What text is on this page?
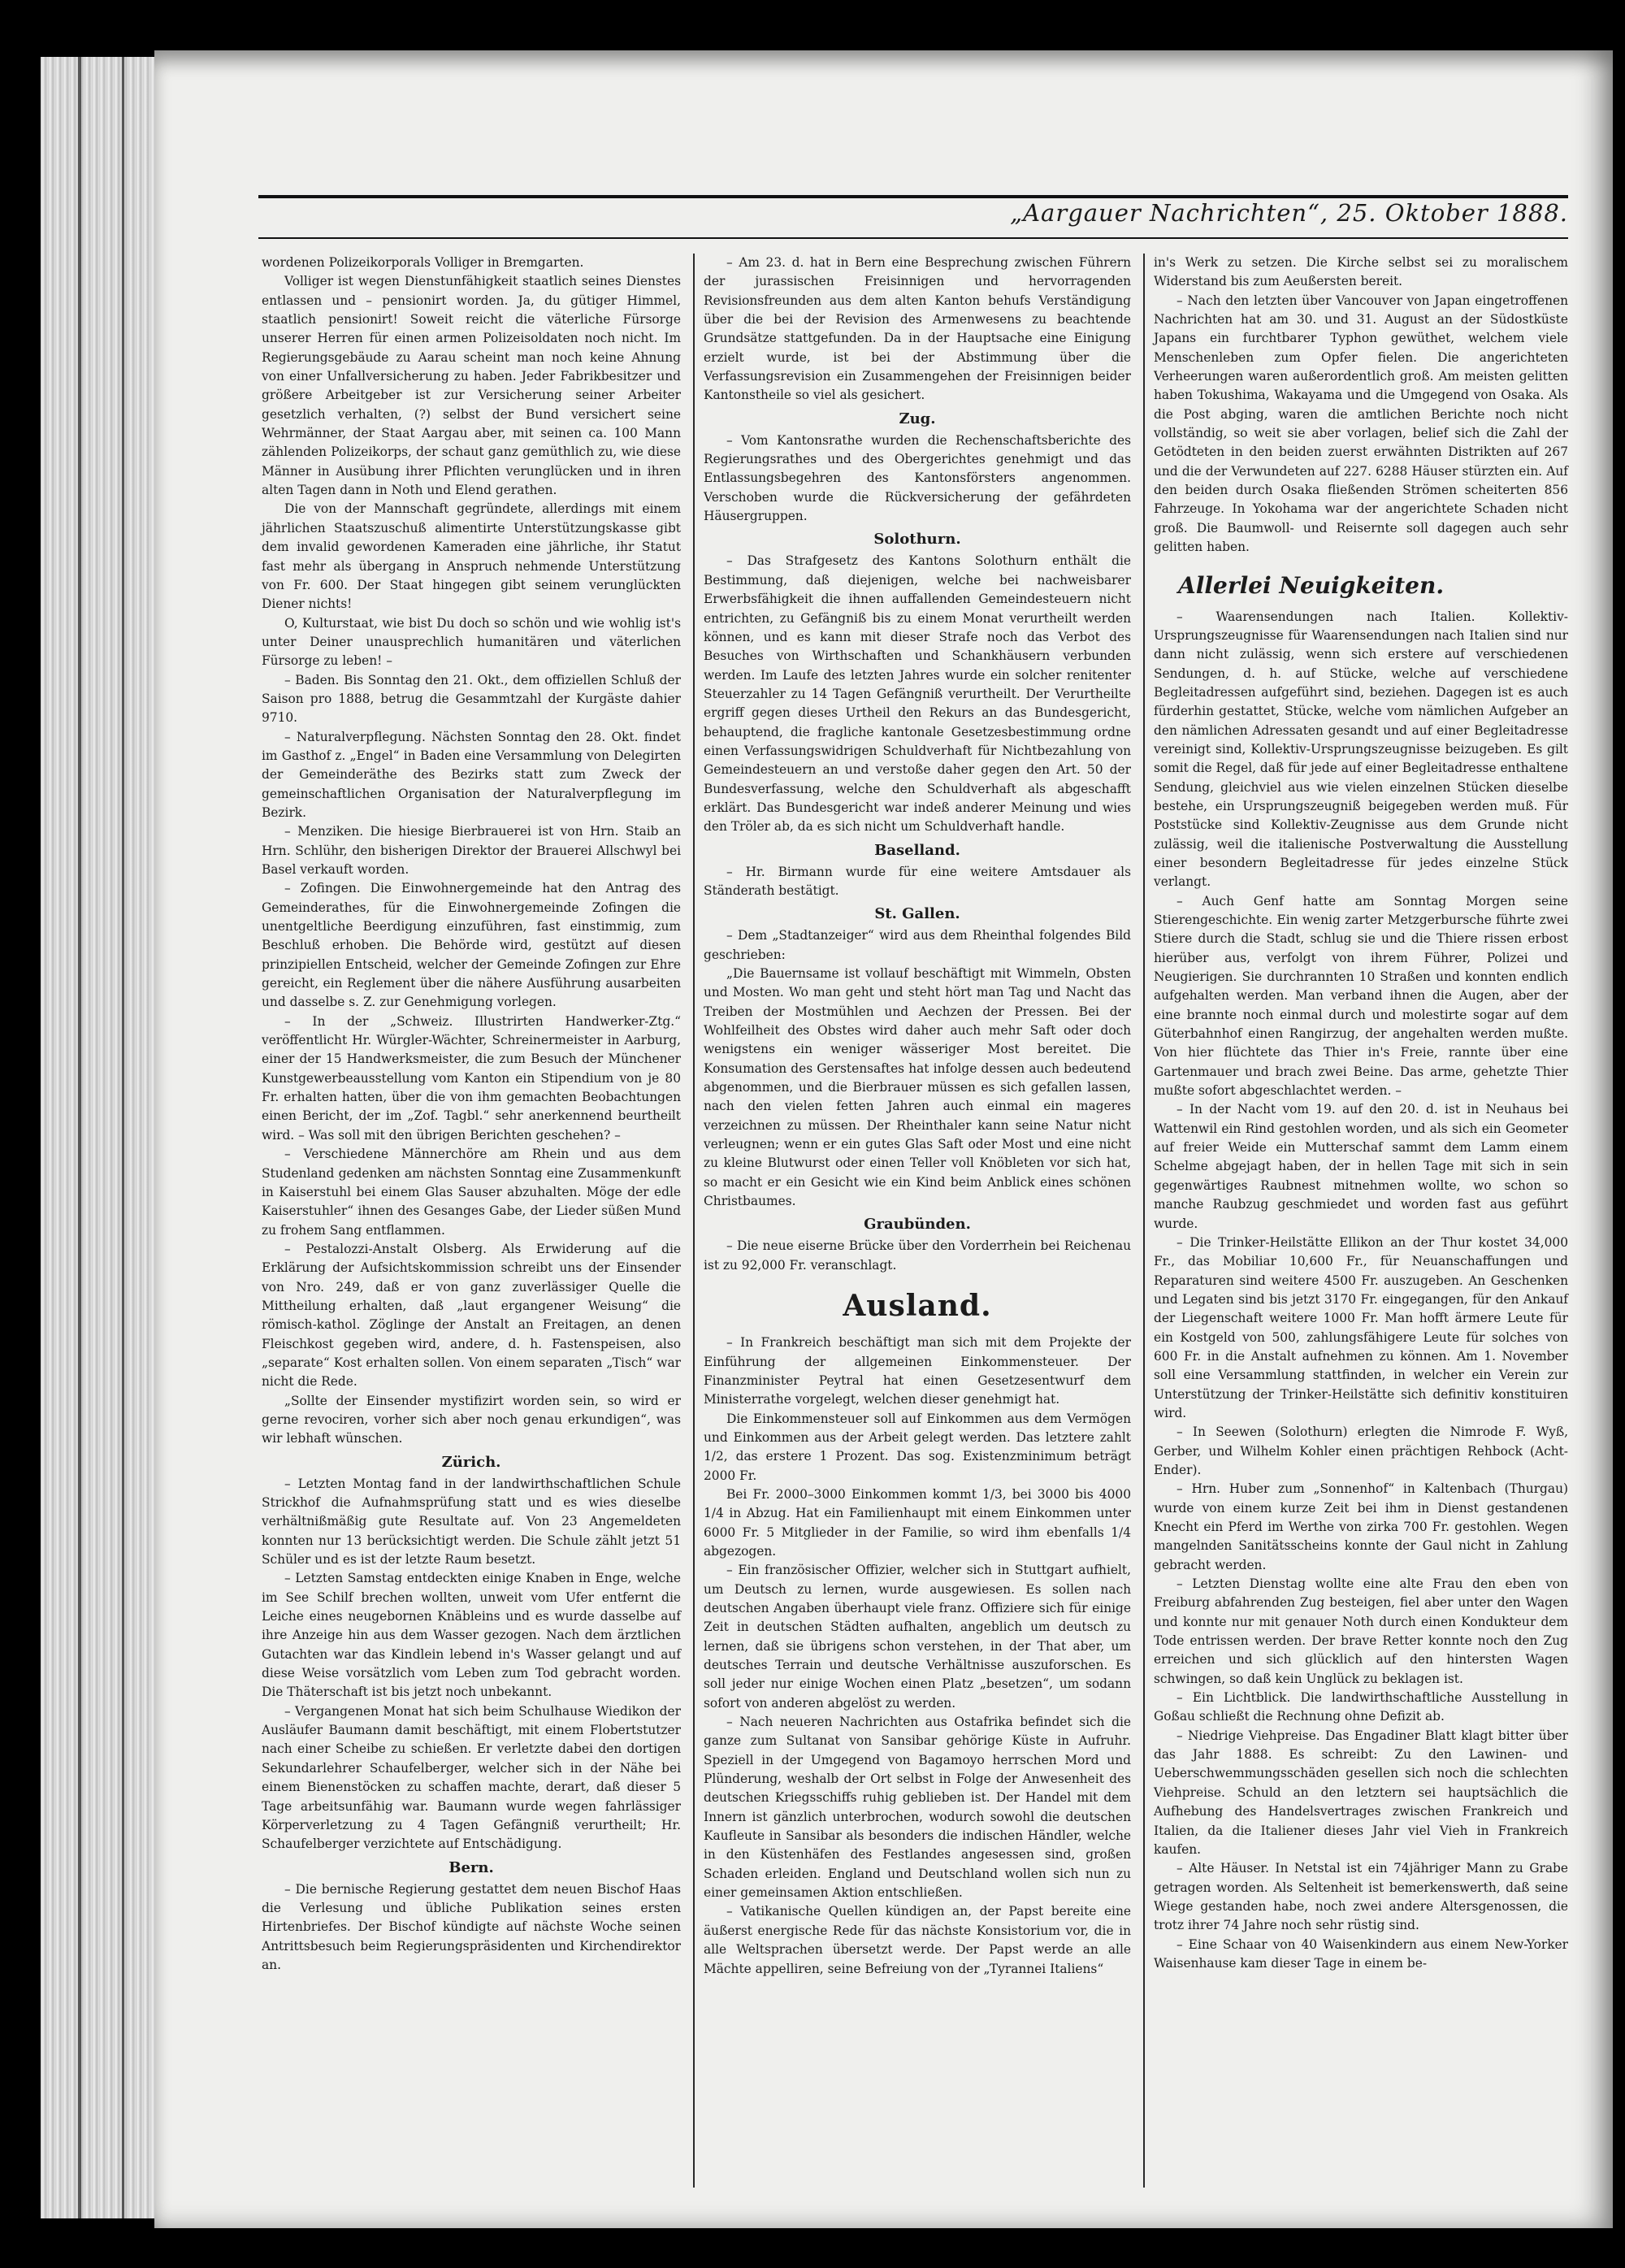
„Aargauer Nachrichten“, 25. Oktober 1888.

wordenen Polizeikorporals Volliger in Bremgarten.

Volliger ist wegen Dienstunfähigkeit staatlich seines Dienstes entlassen und – pensionirt worden. Ja, du gütiger Himmel, staatlich pensionirt! Soweit reicht die väterliche Fürsorge unserer Herren für einen armen Polizeisoldaten noch nicht. Im Regierungsgebäude zu Aarau scheint man noch keine Ahnung von einer Unfallversicherung zu haben. Jeder Fabrikbesitzer und größere Arbeitgeber ist zur Versicherung seiner Arbeiter gesetzlich verhalten, (?) selbst der Bund versichert seine Wehrmänner, der Staat Aargau aber, mit seinen ca. 100 Mann zählenden Polizeikorps, der schaut ganz gemüthlich zu, wie diese Männer in Ausübung ihrer Pflichten verunglücken und in ihren alten Tagen dann in Noth und Elend gerathen.

Die von der Mannschaft gegründete, allerdings mit einem jährlichen Staatszuschuß alimentirte Unterstützungskasse gibt dem invalid gewordenen Kameraden eine jährliche, ihr Statut fast mehr als übergang in Anspruch nehmende Unterstützung von Fr. 600. Der Staat hingegen gibt seinem verunglückten Diener nichts!

O, Kulturstaat, wie bist Du doch so schön und wie wohlig ist's unter Deiner unausprechlich humanitären und väterlichen Fürsorge zu leben! –

– Baden. Bis Sonntag den 21. Okt., dem offiziellen Schluß der Saison pro 1888, betrug die Gesammtzahl der Kurgäste dahier 9710.

– Naturalverpflegung. Nächsten Sonntag den 28. Okt. findet im Gasthof z. „Engel“ in Baden eine Versammlung von Delegirten der Gemeinderäthe des Bezirks statt zum Zweck der gemeinschaftlichen Organisation der Naturalverpflegung im Bezirk.

– Menziken. Die hiesige Bierbrauerei ist von Hrn. Staib an Hrn. Schlühr, den bisherigen Direktor der Brauerei Allschwyl bei Basel verkauft worden.

– Zofingen. Die Einwohnergemeinde hat den Antrag des Gemeinderathes, für die Einwohnergemeinde Zofingen die unentgeltliche Beerdigung einzuführen, fast einstimmig, zum Beschluß erhoben. Die Behörde wird, gestützt auf diesen prinzipiellen Entscheid, welcher der Gemeinde Zofingen zur Ehre gereicht, ein Reglement über die nähere Ausführung ausarbeiten und dasselbe s. Z. zur Genehmigung vorlegen.

– In der „Schweiz. Illustrirten Handwerker-Ztg.“ veröffentlicht Hr. Würgler-Wächter, Schreinermeister in Aarburg, einer der 15 Handwerksmeister, die zum Besuch der Münchener Kunstgewerbeausstellung vom Kanton ein Stipendium von je 80 Fr. erhalten hatten, über die von ihm gemachten Beobachtungen einen Bericht, der im „Zof. Tagbl.“ sehr anerkennend beurtheilt wird. – Was soll mit den übrigen Berichten geschehen? –

– Verschiedene Männerchöre am Rhein und aus dem Studenland gedenken am nächsten Sonntag eine Zusammenkunft in Kaiserstuhl bei einem Glas Sauser abzuhalten. Möge der edle Kaiserstuhler“ ihnen des Gesanges Gabe, der Lieder süßen Mund zu frohem Sang entflammen.

– Pestalozzi-Anstalt Olsberg. Als Erwiderung auf die Erklärung der Aufsichtskommission schreibt uns der Einsender von Nro. 249, daß er von ganz zuverlässiger Quelle die Mittheilung erhalten, daß „laut ergangener Weisung“ die römisch-kathol. Zöglinge der Anstalt an Freitagen, an denen Fleischkost gegeben wird, andere, d. h. Fastenspeisen, also „separate“ Kost erhalten sollen. Von einem separaten „Tisch“ war nicht die Rede.

„Sollte der Einsender mystifizirt worden sein, so wird er gerne revociren, vorher sich aber noch genau erkundigen“, was wir lebhaft wünschen.

Zürich.

– Letzten Montag fand in der landwirthschaftlichen Schule Strickhof die Aufnahmsprüfung statt und es wies dieselbe verhältnißmäßig gute Resultate auf. Von 23 Angemeldeten konnten nur 13 berücksichtigt werden. Die Schule zählt jetzt 51 Schüler und es ist der letzte Raum besetzt.

– Letzten Samstag entdeckten einige Knaben in Enge, welche im See Schilf brechen wollten, unweit vom Ufer entfernt die Leiche eines neugebornen Knäbleins und es wurde dasselbe auf ihre Anzeige hin aus dem Wasser gezogen. Nach dem ärztlichen Gutachten war das Kindlein lebend in's Wasser gelangt und auf diese Weise vorsätzlich vom Leben zum Tod gebracht worden. Die Thäterschaft ist bis jetzt noch unbekannt.

– Vergangenen Monat hat sich beim Schulhause Wiedikon der Ausläufer Baumann damit beschäftigt, mit einem Flobertstutzer nach einer Scheibe zu schießen. Er verletzte dabei den dortigen Sekundarlehrer Schaufelberger, welcher sich in der Nähe bei einem Bienenstöcken zu schaffen machte, derart, daß dieser 5 Tage arbeitsunfähig war. Baumann wurde wegen fahrlässiger Körperverletzung zu 4 Tagen Gefängniß verurtheilt; Hr. Schaufelberger verzichtete auf Entschädigung.

Bern.

– Die bernische Regierung gestattet dem neuen Bischof Haas die Verlesung und übliche Publikation seines ersten Hirtenbriefes. Der Bischof kündigte auf nächste Woche seinen Antrittsbesuch beim Regierungspräsidenten und Kirchendirektor an.

– Am 23. d. hat in Bern eine Besprechung zwischen Führern der jurassischen Freisinnigen und hervorragenden Revisionsfreunden aus dem alten Kanton behufs Verständigung über die bei der Revision des Armenwesens zu beachtende Grundsätze stattgefunden. Da in der Hauptsache eine Einigung erzielt wurde, ist bei der Abstimmung über die Verfassungsrevision ein Zusammengehen der Freisinnigen beider Kantonstheile so viel als gesichert.

Zug.

– Vom Kantonsrathe wurden die Rechenschaftsberichte des Regierungsrathes und des Obergerichtes genehmigt und das Entlassungsbegehren des Kantonsförsters angenommen. Verschoben wurde die Rückversicherung der gefährdeten Häusergruppen.

Solothurn.

– Das Strafgesetz des Kantons Solothurn enthält die Bestimmung, daß diejenigen, welche bei nachweisbarer Erwerbsfähigkeit die ihnen auffallenden Gemeindesteuern nicht entrichten, zu Gefängniß bis zu einem Monat verurtheilt werden können, und es kann mit dieser Strafe noch das Verbot des Besuches von Wirthschaften und Schankhäusern verbunden werden. Im Laufe des letzten Jahres wurde ein solcher renitenter Steuerzahler zu 14 Tagen Gefängniß verurtheilt. Der Verurtheilte ergriff gegen dieses Urtheil den Rekurs an das Bundesgericht, behauptend, die fragliche kantonale Gesetzesbestimmung ordne einen Verfassungswidrigen Schuldverhaft für Nichtbezahlung von Gemeindesteuern an und verstoße daher gegen den Art. 50 der Bundesverfassung, welche den Schuldverhaft als abgeschafft erklärt. Das Bundesgericht war indeß anderer Meinung und wies den Tröler ab, da es sich nicht um Schuldverhaft handle.

Baselland.

– Hr. Birmann wurde für eine weitere Amtsdauer als Ständerath bestätigt.

St. Gallen.

– Dem „Stadtanzeiger“ wird aus dem Rheinthal folgendes Bild geschrieben:

„Die Bauernsame ist vollauf beschäftigt mit Wimmeln, Obsten und Mosten. Wo man geht und steht hört man Tag und Nacht das Treiben der Mostmühlen und Aechzen der Pressen. Bei der Wohlfeilheit des Obstes wird daher auch mehr Saft oder doch wenigstens ein weniger wässeriger Most bereitet. Die Konsumation des Gerstensaftes hat infolge dessen auch bedeutend abgenommen, und die Bierbrauer müssen es sich gefallen lassen, nach den vielen fetten Jahren auch einmal ein mageres verzeichnen zu müssen. Der Rheinthaler kann seine Natur nicht verleugnen; wenn er ein gutes Glas Saft oder Most und eine nicht zu kleine Blutwurst oder einen Teller voll Knöbleten vor sich hat, so macht er ein Gesicht wie ein Kind beim Anblick eines schönen Christbaumes.

Graubünden.

– Die neue eiserne Brücke über den Vorderrhein bei Reichenau ist zu 92,000 Fr. veranschlagt.

Ausland.

– In Frankreich beschäftigt man sich mit dem Projekte der Einführung der allgemeinen Einkommensteuer. Der Finanzminister Peytral hat einen Gesetzesentwurf dem Ministerrathe vorgelegt, welchen dieser genehmigt hat.

Die Einkommensteuer soll auf Einkommen aus dem Vermögen und Einkommen aus der Arbeit gelegt werden. Das letztere zahlt 1/2, das erstere 1 Prozent. Das sog. Existenzminimum beträgt 2000 Fr.

Bei Fr. 2000–3000 Einkommen kommt 1/3, bei 3000 bis 4000 1/4 in Abzug. Hat ein Familienhaupt mit einem Einkommen unter 6000 Fr. 5 Mitglieder in der Familie, so wird ihm ebenfalls 1/4 abgezogen.

– Ein französischer Offizier, welcher sich in Stuttgart aufhielt, um Deutsch zu lernen, wurde ausgewiesen. Es sollen nach deutschen Angaben überhaupt viele franz. Offiziere sich für einige Zeit in deutschen Städten aufhalten, angeblich um deutsch zu lernen, daß sie übrigens schon verstehen, in der That aber, um deutsches Terrain und deutsche Verhältnisse auszuforschen. Es soll jeder nur einige Wochen einen Platz „besetzen“, um sodann sofort von anderen abgelöst zu werden.

– Nach neueren Nachrichten aus Ostafrika befindet sich die ganze zum Sultanat von Sansibar gehörige Küste in Aufruhr. Speziell in der Umgegend von Bagamoyo herrschen Mord und Plünderung, weshalb der Ort selbst in Folge der Anwesenheit des deutschen Kriegsschiffs ruhig geblieben ist. Der Handel mit dem Innern ist gänzlich unterbrochen, wodurch sowohl die deutschen Kaufleute in Sansibar als besonders die indischen Händler, welche in den Küstenhäfen des Festlandes angesessen sind, großen Schaden erleiden. England und Deutschland wollen sich nun zu einer gemeinsamen Aktion entschließen.

– Vatikanische Quellen kündigen an, der Papst bereite eine äußerst energische Rede für das nächste Konsistorium vor, die in alle Weltsprachen übersetzt werde. Der Papst werde an alle Mächte appelliren, seine Befreiung von der „Tyrannei Italiens“

in's Werk zu setzen. Die Kirche selbst sei zu moralischem Widerstand bis zum Aeußersten bereit.

– Nach den letzten über Vancouver von Japan eingetroffenen Nachrichten hat am 30. und 31. August an der Südostküste Japans ein furchtbarer Typhon gewüthet, welchem viele Menschenleben zum Opfer fielen. Die angerichteten Verheerungen waren außerordentlich groß. Am meisten gelitten haben Tokushima, Wakayama und die Umgegend von Osaka. Als die Post abging, waren die amtlichen Berichte noch nicht vollständig, so weit sie aber vorlagen, belief sich die Zahl der Getödteten in den beiden zuerst erwähnten Distrikten auf 267 und die der Verwundeten auf 227. 6288 Häuser stürzten ein. Auf den beiden durch Osaka fließenden Strömen scheiterten 856 Fahrzeuge. In Yokohama war der angerichtete Schaden nicht groß. Die Baumwoll- und Reisernte soll dagegen auch sehr gelitten haben.

Allerlei Neuigkeiten.

– Waarensendungen nach Italien. Kollektiv-Ursprungszeugnisse für Waarensendungen nach Italien sind nur dann nicht zulässig, wenn sich erstere auf verschiedenen Sendungen, d. h. auf Stücke, welche auf verschiedene Begleitadressen aufgeführt sind, beziehen. Dagegen ist es auch fürderhin gestattet, Stücke, welche vom nämlichen Aufgeber an den nämlichen Adressaten gesandt und auf einer Begleitadresse vereinigt sind, Kollektiv-Ursprungszeugnisse beizugeben. Es gilt somit die Regel, daß für jede auf einer Begleitadresse enthaltene Sendung, gleichviel aus wie vielen einzelnen Stücken dieselbe bestehe, ein Ursprungszeugniß beigegeben werden muß. Für Poststücke sind Kollektiv-Zeugnisse aus dem Grunde nicht zulässig, weil die italienische Postverwaltung die Ausstellung einer besondern Begleitadresse für jedes einzelne Stück verlangt.

– Auch Genf hatte am Sonntag Morgen seine Stierengeschichte. Ein wenig zarter Metzgerbursche führte zwei Stiere durch die Stadt, schlug sie und die Thiere rissen erbost hierüber aus, verfolgt von ihrem Führer, Polizei und Neugierigen. Sie durchrannten 10 Straßen und konnten endlich aufgehalten werden. Man verband ihnen die Augen, aber der eine brannte noch einmal durch und molestirte sogar auf dem Güterbahnhof einen Rangirzug, der angehalten werden mußte. Von hier flüchtete das Thier in's Freie, rannte über eine Gartenmauer und brach zwei Beine. Das arme, gehetzte Thier mußte sofort abgeschlachtet werden. –

– In der Nacht vom 19. auf den 20. d. ist in Neuhaus bei Wattenwil ein Rind gestohlen worden, und als sich ein Geometer auf freier Weide ein Mutterschaf sammt dem Lamm einem Schelme abgejagt haben, der in hellen Tage mit sich in sein gegenwärtiges Raubnest mitnehmen wollte, wo schon so manche Raubzug geschmiedet und worden fast aus geführt wurde.

– Die Trinker-Heilstätte Ellikon an der Thur kostet 34,000 Fr., das Mobiliar 10,600 Fr., für Neuanschaffungen und Reparaturen sind weitere 4500 Fr. auszugeben. An Geschenken und Legaten sind bis jetzt 3170 Fr. eingegangen, für den Ankauf der Liegenschaft weitere 1000 Fr. Man hofft ärmere Leute für ein Kostgeld von 500, zahlungsfähigere Leute für solches von 600 Fr. in die Anstalt aufnehmen zu können. Am 1. November soll eine Versammlung stattfinden, in welcher ein Verein zur Unterstützung der Trinker-Heilstätte sich definitiv konstituiren wird.

– In Seewen (Solothurn) erlegten die Nimrode F. Wyß, Gerber, und Wilhelm Kohler einen prächtigen Rehbock (Acht-Ender).

– Hrn. Huber zum „Sonnenhof“ in Kaltenbach (Thurgau) wurde von einem kurze Zeit bei ihm in Dienst gestandenen Knecht ein Pferd im Werthe von zirka 700 Fr. gestohlen. Wegen mangelnden Sanitätsscheins konnte der Gaul nicht in Zahlung gebracht werden.

– Letzten Dienstag wollte eine alte Frau den eben von Freiburg abfahrenden Zug besteigen, fiel aber unter den Wagen und konnte nur mit genauer Noth durch einen Kondukteur dem Tode entrissen werden. Der brave Retter konnte noch den Zug erreichen und sich glücklich auf den hintersten Wagen schwingen, so daß kein Unglück zu beklagen ist.

– Ein Lichtblick. Die landwirthschaftliche Ausstellung in Goßau schließt die Rechnung ohne Defizit ab.

– Niedrige Viehpreise. Das Engadiner Blatt klagt bitter über das Jahr 1888. Es schreibt: Zu den Lawinen- und Ueberschwemmungsschäden gesellen sich noch die schlechten Viehpreise. Schuld an den letztern sei hauptsächlich die Aufhebung des Handelsvertrages zwischen Frankreich und Italien, da die Italiener dieses Jahr viel Vieh in Frankreich kaufen.

– Alte Häuser. In Netstal ist ein 74jähriger Mann zu Grabe getragen worden. Als Seltenheit ist bemerkenswerth, daß seine Wiege gestanden habe, noch zwei andere Altersgenossen, die trotz ihrer 74 Jahre noch sehr rüstig sind.

– Eine Schaar von 40 Waisenkindern aus einem New-Yorker Waisenhause kam dieser Tage in einem be-
